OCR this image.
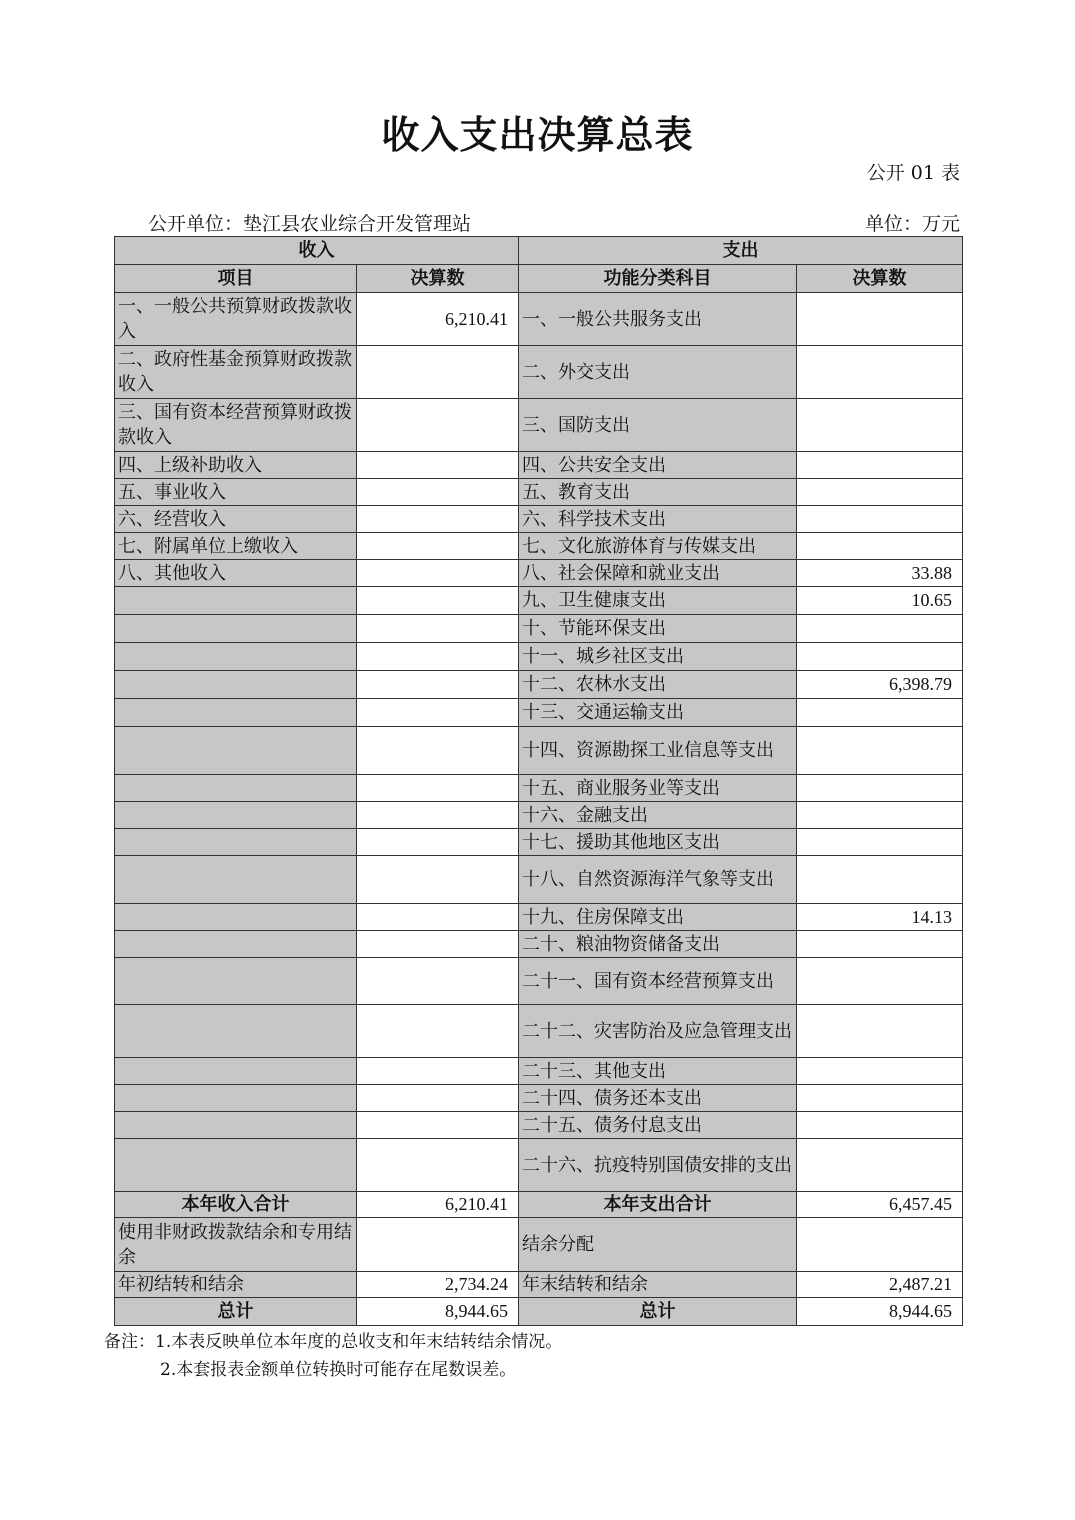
收入支出决算总表
公开 01 表
公开单位：垫江县农业综合开发管理站	单位：万元
收入		支出	
项目	决算数	功能分类科目	决算数
一、一般公共预算财政拨款收入	6,210.41	一、一般公共服务支出	
二、政府性基金预算财政拨款收入		二、外交支出	
三、国有资本经营预算财政拨款收入		三、国防支出	
四、上级补助收入		四、公共安全支出	
五、事业收入		五、教育支出	
六、经营收入		六、科学技术支出	
七、附属单位上缴收入		七、文化旅游体育与传媒支出	
八、其他收入		八、社会保障和就业支出	33.88
		九、卫生健康支出	10.65
		十、节能环保支出	
		十一、城乡社区支出	
		十二、农林水支出	6,398.79
		十三、交通运输支出	
		十四、资源勘探工业信息等支出	
		十五、商业服务业等支出	
		十六、金融支出	
		十七、援助其他地区支出	
		十八、自然资源海洋气象等支出	
		十九、住房保障支出	14.13
		二十、粮油物资储备支出	
		二十一、国有资本经营预算支出	
		二十二、灾害防治及应急管理支出	
		二十三、其他支出	
		二十四、债务还本支出	
		二十五、债务付息支出	
		二十六、抗疫特别国债安排的支出	
本年收入合计	6,210.41	本年支出合计	6,457.45
使用非财政拨款结余和专用结余		结余分配	
年初结转和结余	2,734.24	年末结转和结余	2,487.21
总计	8,944.65	总计	8,944.65
备注：1.本表反映单位本年度的总收支和年末结转结余情况。
2.本套报表金额单位转换时可能存在尾数误差。
